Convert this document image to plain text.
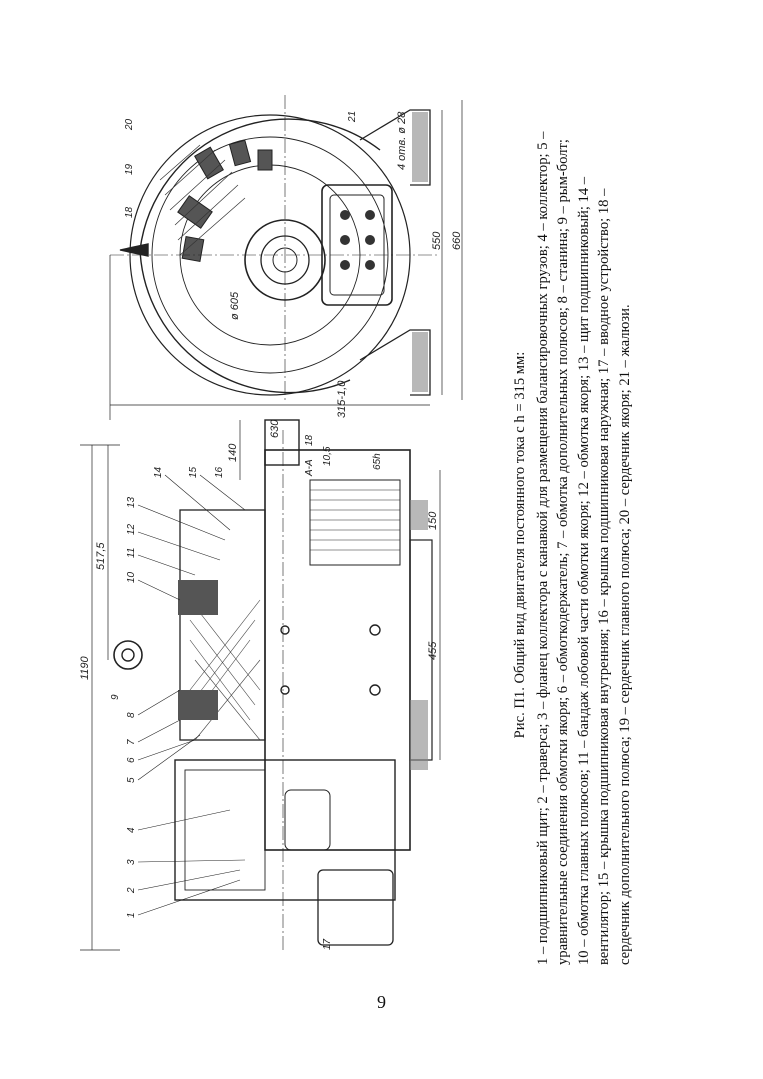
550 660
ø 605
315-1,0
4 отв. ø 28
18
19
20
21
1190
517,5
140
150
455
630
A-A
18
10,5	65h
1
2
3
4
5
6
7
8
9
10
11
12
13
14 15 16
17

Рис. П1. Общий вид двигателя постоянного тока с h = 315 мм: 1 – подшипниковый щит; 2 – траверса; 3 – фланец коллектора с канавкой для размещения балансировочных грузов; 4 – коллектор; 5 – уравнительные соединения обмотки якоря; 6 – обмоткодержатель; 7 – обмотка дополнительных полюсов; 8 – станина; 9 – рым-болт; 10 – обмотка главных полюсов; 11 – бандаж лобовой части обмотки якоря; 12 – обмотка якоря; 13 – щит подшипниковый; 14 – вентилятор; 15 – крышка подшипниковая внутренняя; 16 – крышка подшипниковая наружная; 17 – вводное устройство; 18 – сердечник дополнительного полюса; 19 – сердечник главного полюса; 20 – сердечник якоря; 21 – жалюзи.

9
